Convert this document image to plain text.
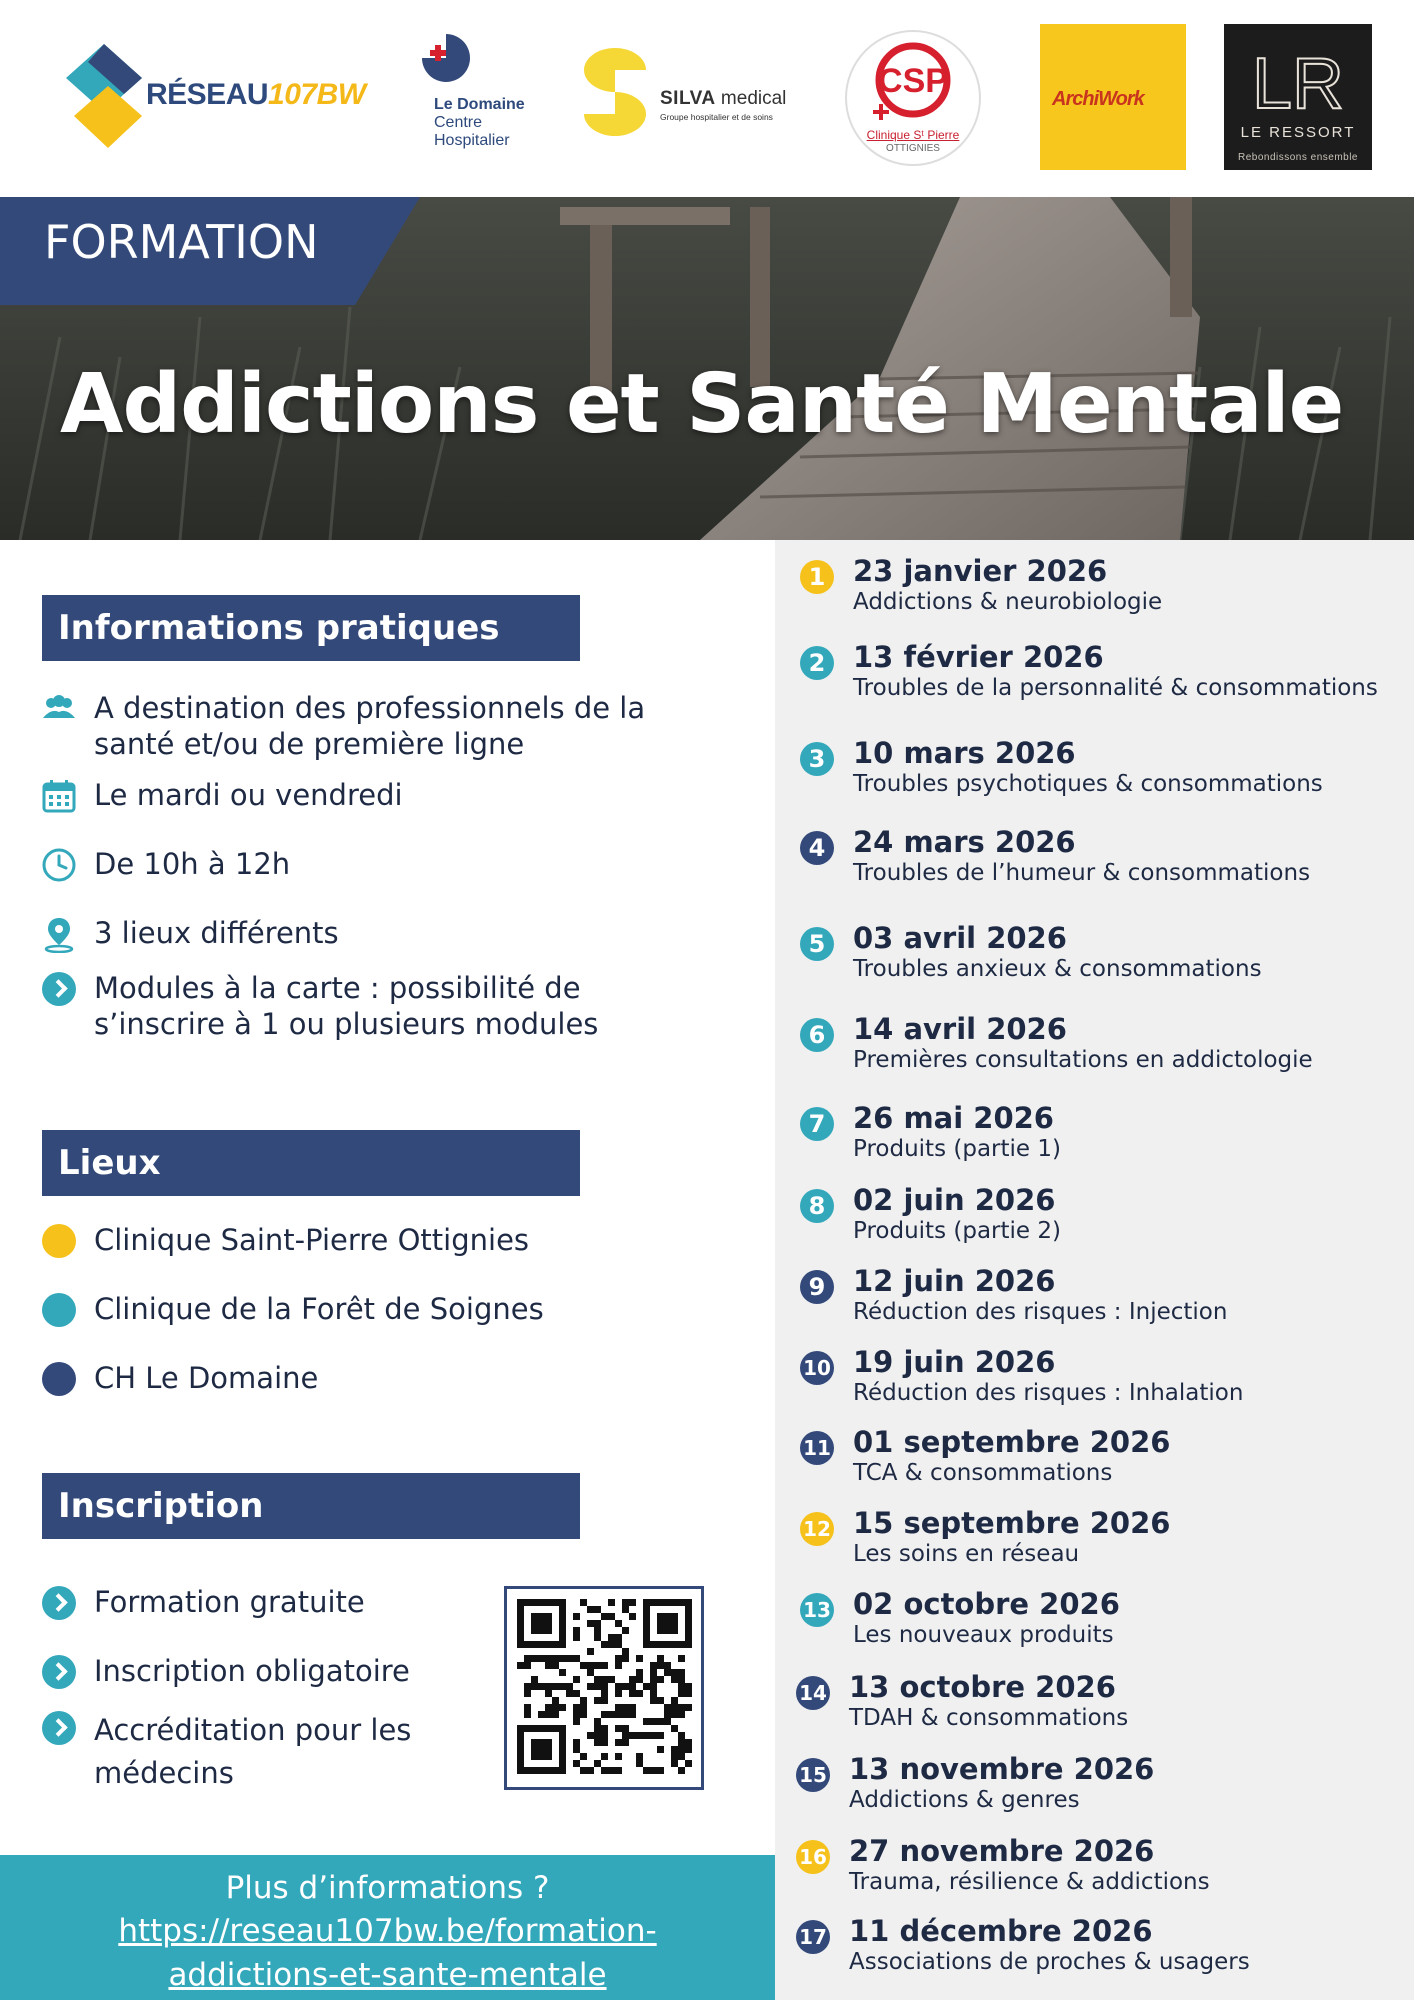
RÉSEAU107BW	Le Domaine
Centre
Hospitalier
SILVA medical
Groupe hospitalier et de soins
CSP
Clinique Sᵗ Pierre
OTTIGNIES
ArchiWork LR
LE RESSORT
Rebondissons ensemble
FORMATION
Addictions et Santé Mentale
Informations pratiques
A destination des professionnels de la santé et/ou de première ligne
Le mardi ou vendredi
De 10h à 12h
3 lieux différents
Modules à la carte : possibilité de s’inscrire à 1 ou plusieurs modules
Lieux
Clinique Saint-Pierre Ottignies
Clinique de la Forêt de Soignes
CH Le Domaine
Inscription
Formation gratuite
Inscription obligatoire
Accréditation pour les médecins
Plus d’informations ?
https://reseau107bw.be/formation-
addictions-et-sante-mentale
1 23 janvier 2026
Addictions & neurobiologie
2 13 février 2026
Troubles de la personnalité & consommations
3 10 mars 2026
Troubles psychotiques & consommations
4 24 mars 2026
Troubles de l’humeur & consommations
5 03 avril 2026
Troubles anxieux & consommations
6 14 avril 2026
Premières consultations en addictologie
7 26 mai 2026
Produits (partie 1)
8 02 juin 2026
Produits (partie 2)
9 12 juin 2026
Réduction des risques : Injection
10 19 juin 2026
Réduction des risques : Inhalation
11 01 septembre 2026
TCA & consommations
12 15 septembre 2026
Les soins en réseau
13 02 octobre 2026
Les nouveaux produits
14 13 octobre 2026
TDAH & consommations
15 13 novembre 2026
Addictions & genres
16 27 novembre 2026
Trauma, résilience & addictions
17 11 décembre 2026
Associations de proches & usagers
